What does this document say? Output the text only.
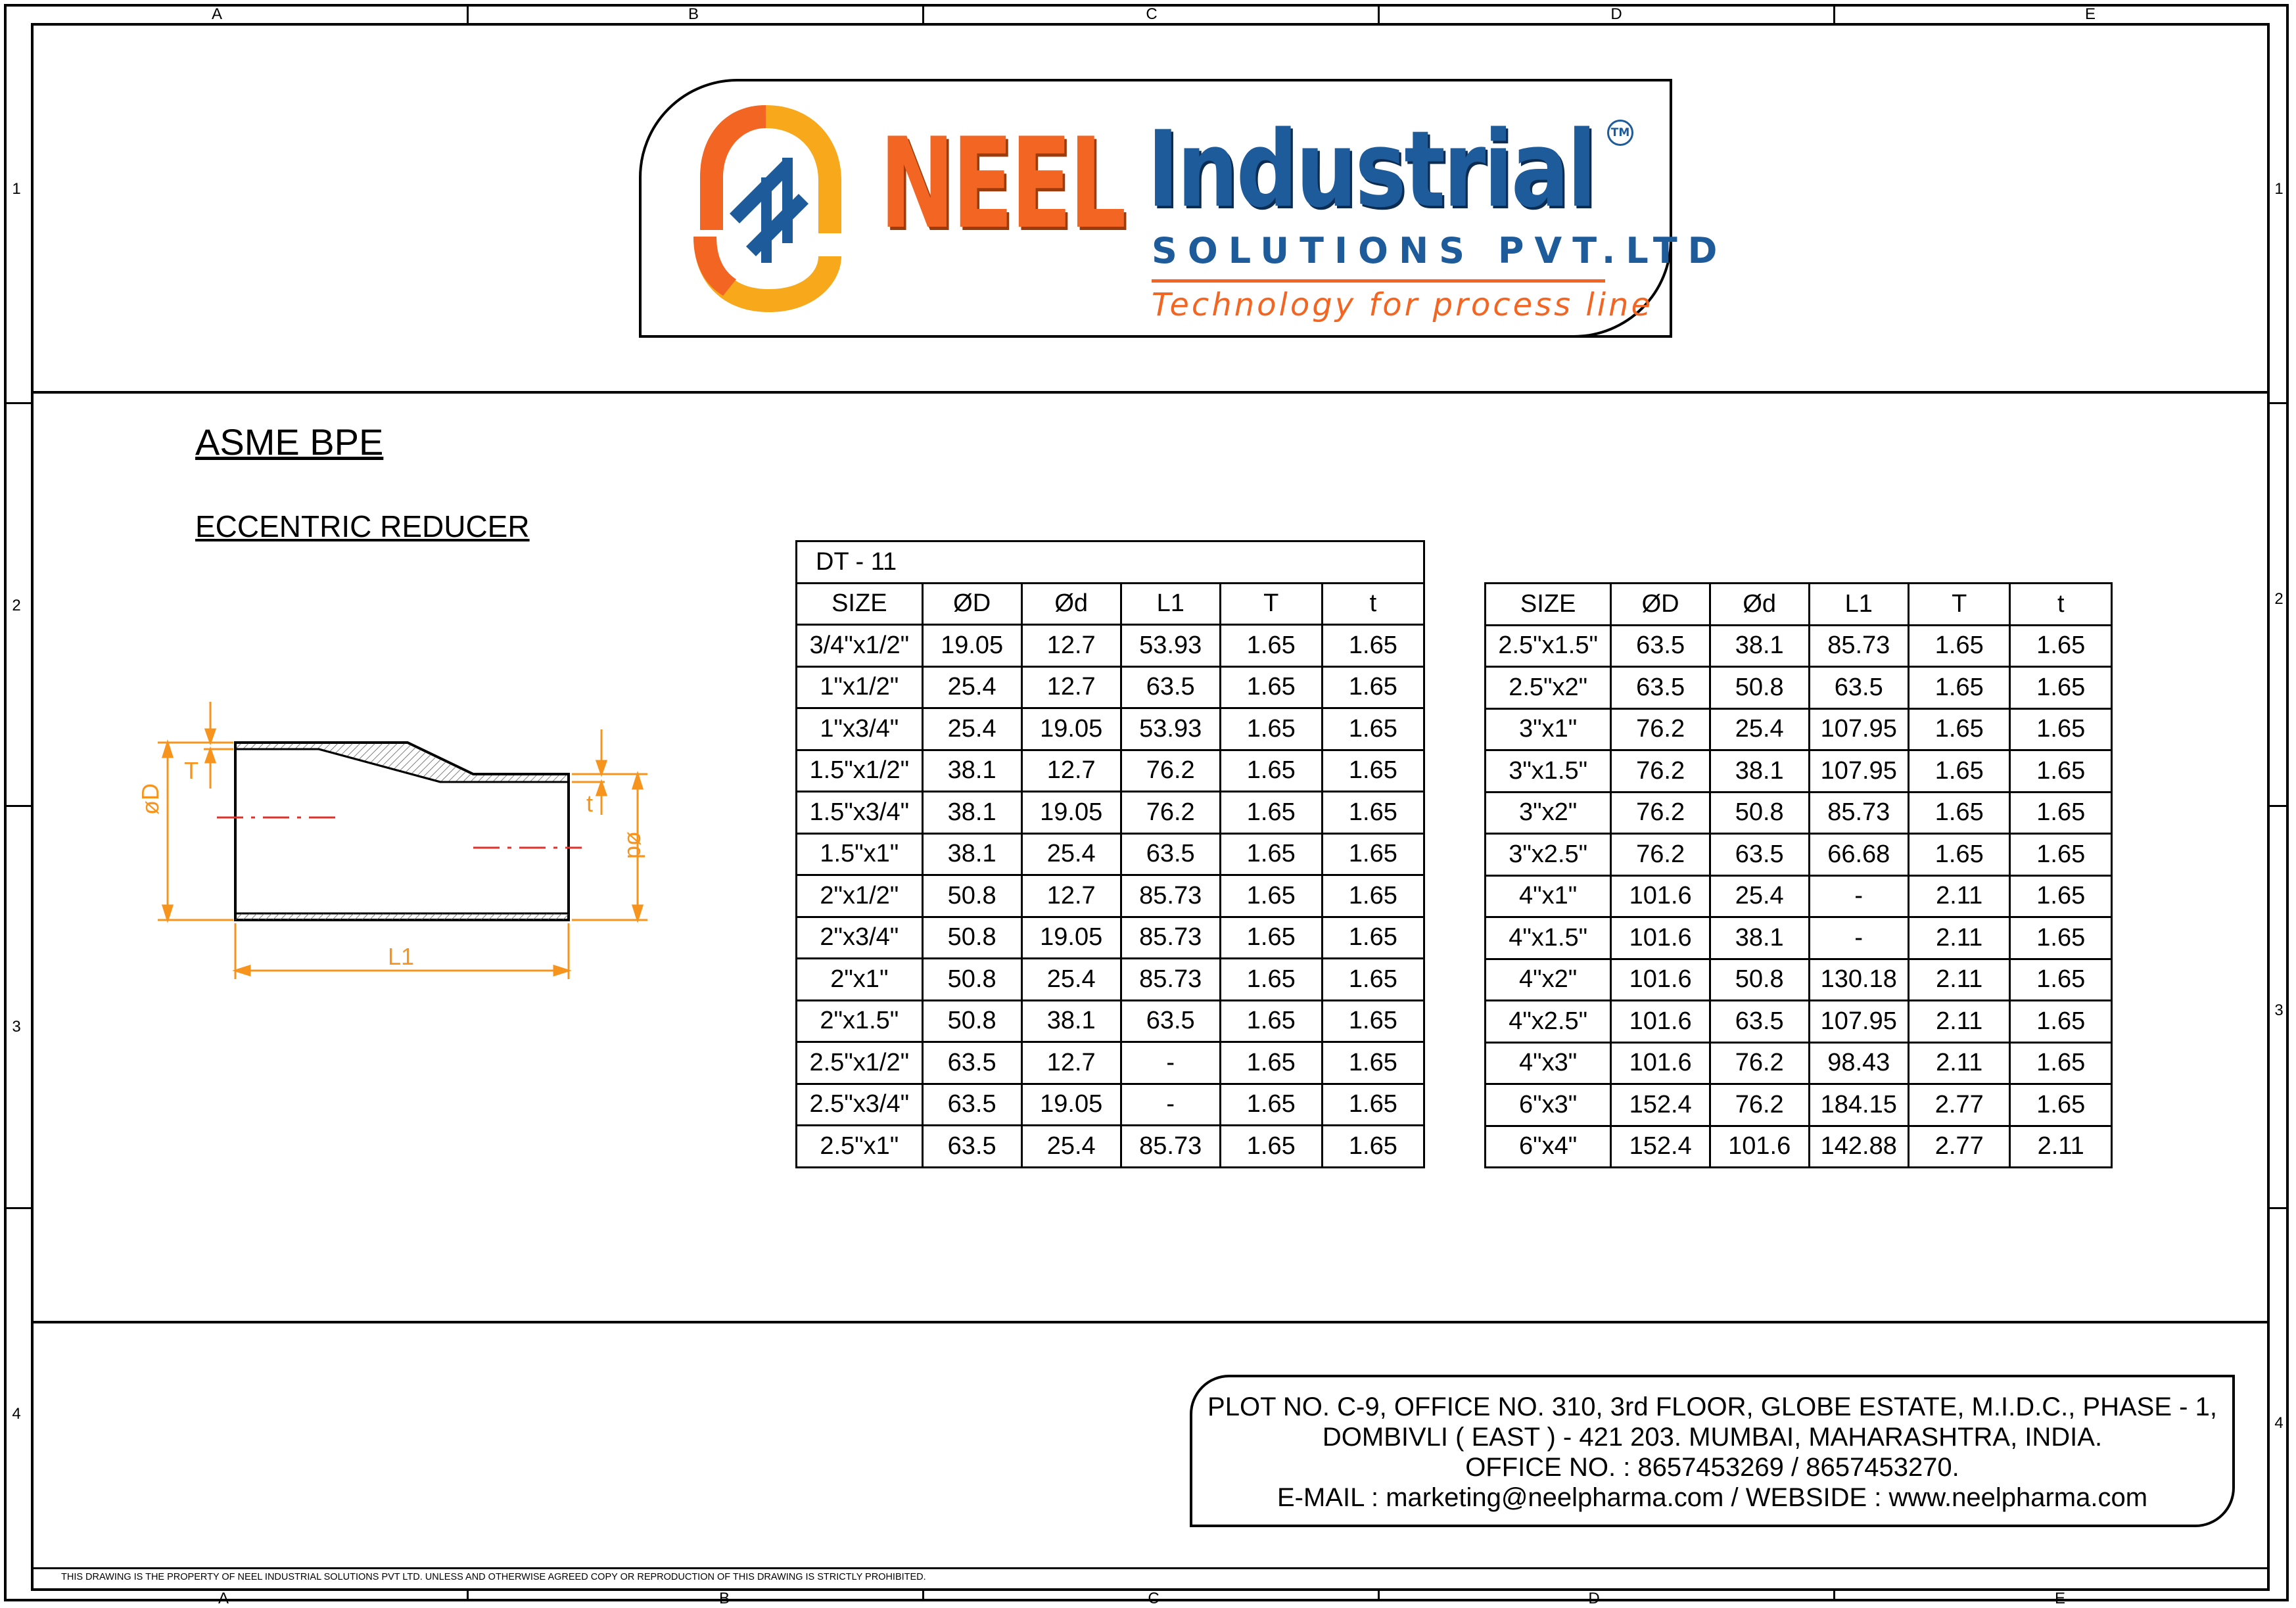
A	B	C	D	E
A	B	C	D	E
1
2
3
4
1
2
3
4
NEEL Industrial	TM
SOLUTIONS PVT.LTD
Technology for process line
ASME BPE
ECCENTRIC REDUCER
T
t
L1
ød
øD
DT - 11					
SIZE	ØD	Ød	L1	T	t
3/4"x1/2"	19.05	12.7	53.93	1.65	1.65
1"x1/2"	25.4	12.7	63.5	1.65	1.65
1"x3/4"	25.4	19.05	53.93	1.65	1.65
1.5"x1/2"	38.1	12.7	76.2	1.65	1.65
1.5"x3/4"	38.1	19.05	76.2	1.65	1.65
1.5"x1"	38.1	25.4	63.5	1.65	1.65
2"x1/2"	50.8	12.7	85.73	1.65	1.65
2"x3/4"	50.8	19.05	85.73	1.65	1.65
2"x1"	50.8	25.4	85.73	1.65	1.65
2"x1.5"	50.8	38.1	63.5	1.65	1.65
2.5"x1/2"	63.5	12.7	-	1.65	1.65
2.5"x3/4"	63.5	19.05	-	1.65	1.65
2.5"x1"	63.5	25.4	85.73	1.65	1.65
SIZE	ØD	Ød	L1	T	t
2.5"x1.5"	63.5	38.1	85.73	1.65	1.65
2.5"x2"	63.5	50.8	63.5	1.65	1.65
3"x1"	76.2	25.4	107.95	1.65	1.65
3"x1.5"	76.2	38.1	107.95	1.65	1.65
3"x2"	76.2	50.8	85.73	1.65	1.65
3"x2.5"	76.2	63.5	66.68	1.65	1.65
4"x1"	101.6	25.4	-	2.11	1.65
4"x1.5"	101.6	38.1	-	2.11	1.65
4"x2"	101.6	50.8	130.18	2.11	1.65
4"x2.5"	101.6	63.5	107.95	2.11	1.65
4"x3"	101.6	76.2	98.43	2.11	1.65
6"x3"	152.4	76.2	184.15	2.77	1.65
6"x4"	152.4	101.6	142.88	2.77	2.11
PLOT NO. C-9, OFFICE NO. 310, 3rd FLOOR, GLOBE ESTATE, M.I.D.C., PHASE - 1,
DOMBIVLI ( EAST ) - 421 203. MUMBAI, MAHARASHTRA, INDIA.
OFFICE NO. : 8657453269 / 8657453270.
E-MAIL : marketing@neelpharma.com / WEBSIDE : www.neelpharma.com
THIS DRAWING IS THE PROPERTY OF NEEL INDUSTRIAL SOLUTIONS PVT LTD. UNLESS AND OTHERWISE AGREED COPY OR REPRODUCTION OF THIS DRAWING IS STRICTLY PROHIBITED.
